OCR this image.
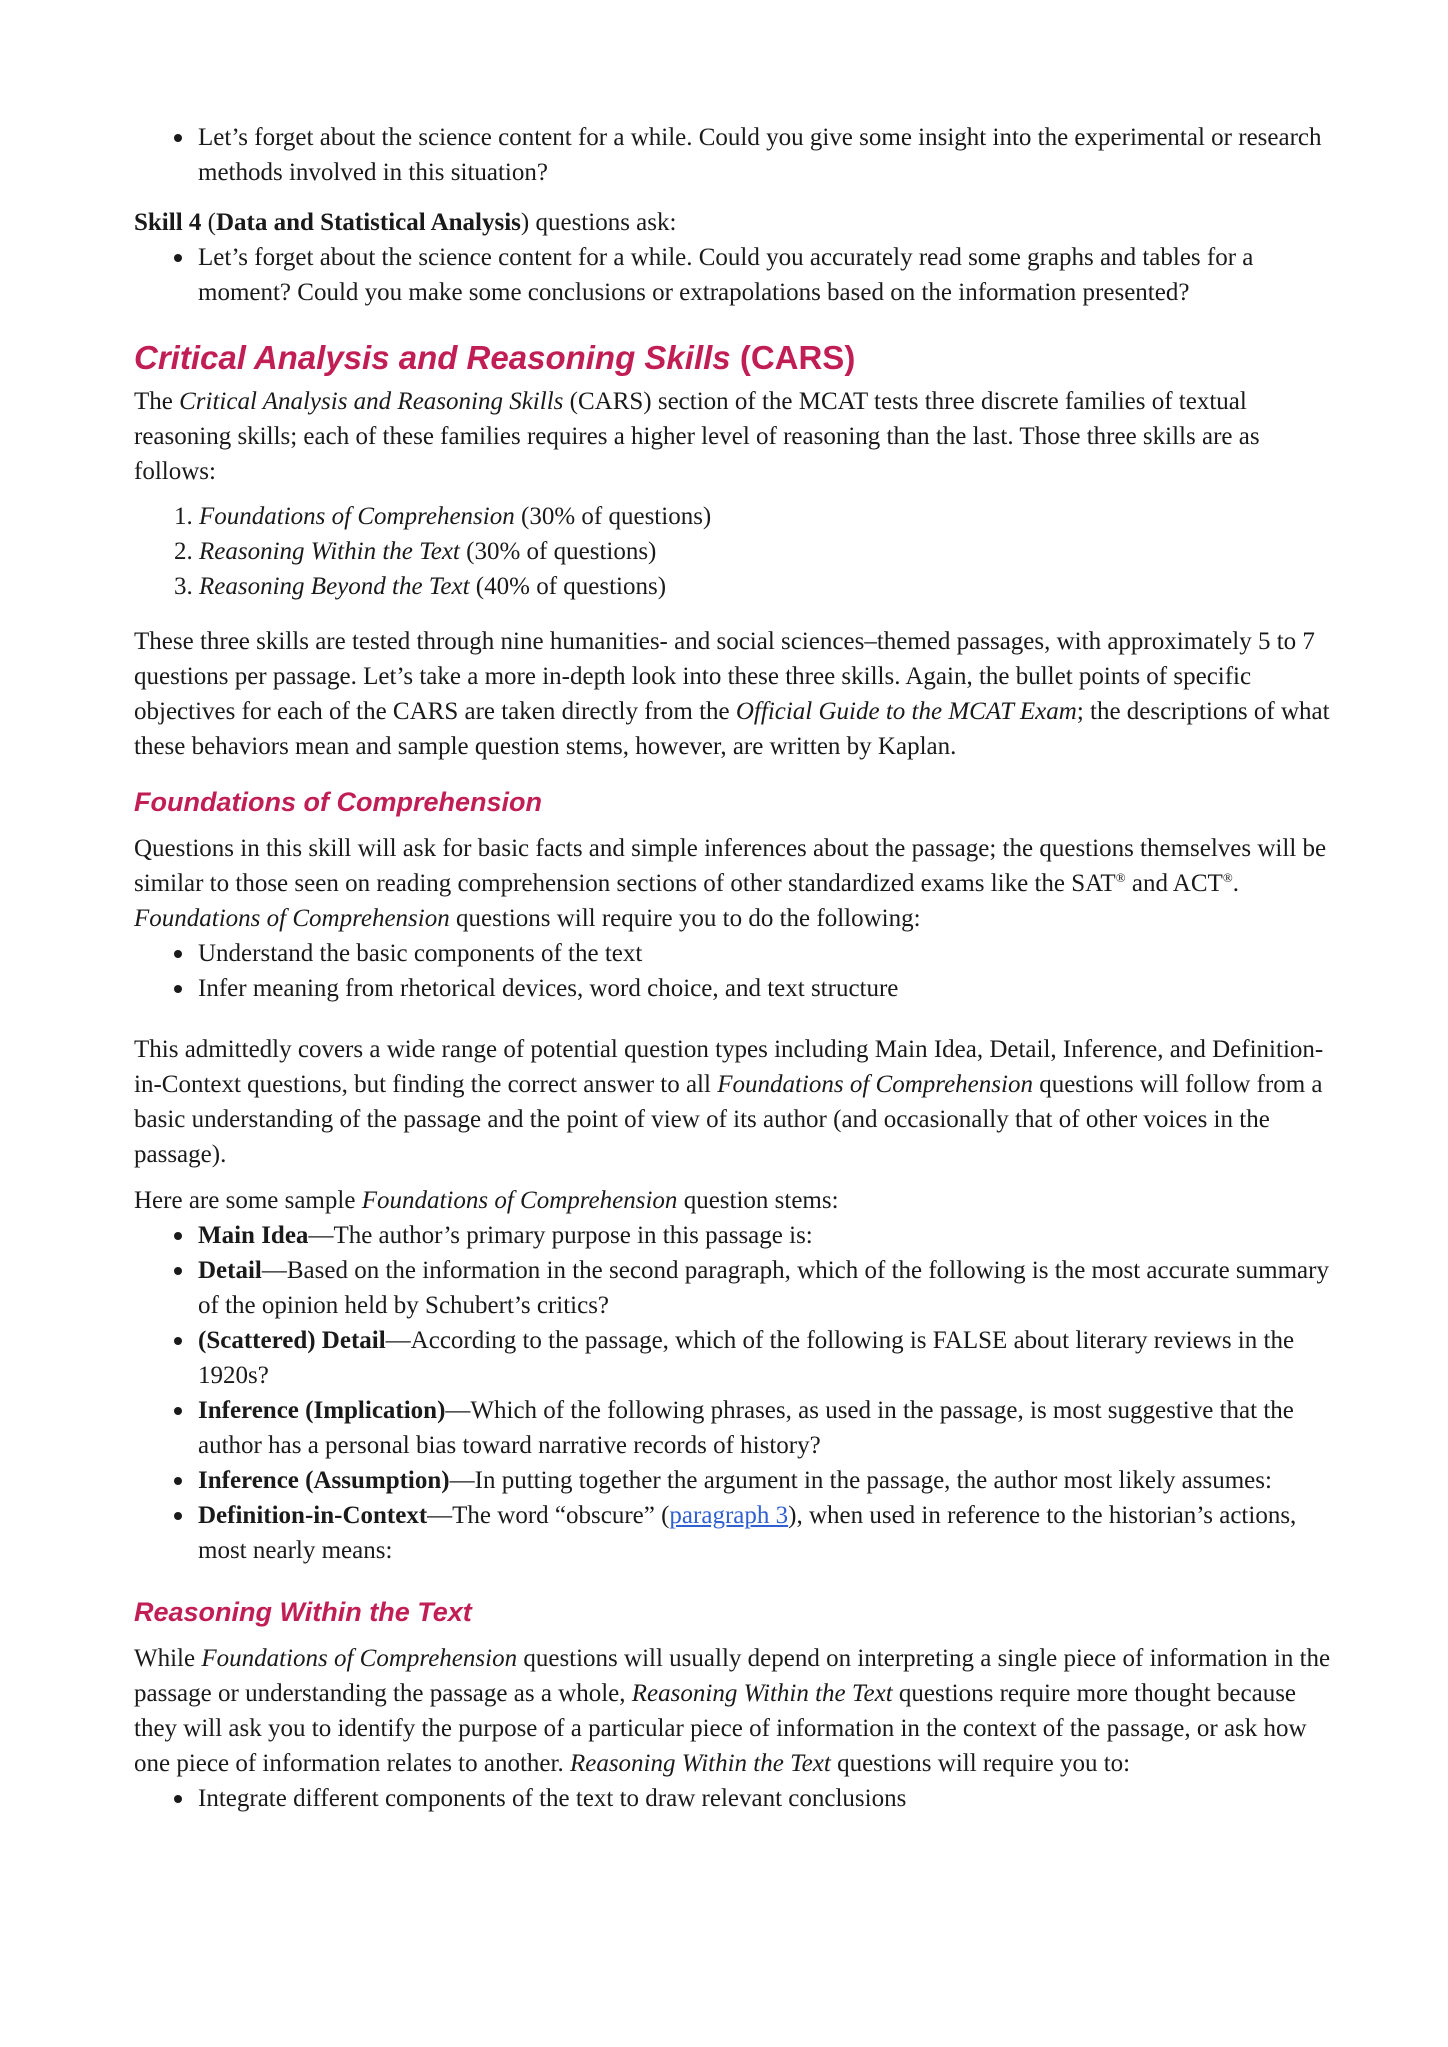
Let’s forget about the science content for a while. Could you give some insight into the experimental or research methods involved in this situation?

Skill 4 (Data and Statistical Analysis) questions ask:

Let’s forget about the science content for a while. Could you accurately read some graphs and tables for a moment? Could you make some conclusions or extrapolations based on the information presented?
Critical Analysis and Reasoning Skills (CARS)

The Critical Analysis and Reasoning Skills (CARS) section of the MCAT tests three discrete families of textual reasoning skills; each of these families requires a higher level of reasoning than the last. Those three skills are as follows:

1. Foundations of Comprehension (30% of questions)
2. Reasoning Within the Text (30% of questions)
3. Reasoning Beyond the Text (40% of questions)

These three skills are tested through nine humanities- and social sciences–themed passages, with approximately 5 to 7 questions per passage. Let’s take a more in-depth look into these three skills. Again, the bullet points of specific objectives for each of the CARS are taken directly from the Official Guide to the MCAT Exam; the descriptions of what these behaviors mean and sample question stems, however, are written by Kaplan.

Foundations of Comprehension

Questions in this skill will ask for basic facts and simple inferences about the passage; the questions themselves will be similar to those seen on reading comprehension sections of other standardized exams like the SAT® and ACT®.
Foundations of Comprehension questions will require you to do the following:

Understand the basic components of the text
Infer meaning from rhetorical devices, word choice, and text structure

This admittedly covers a wide range of potential question types including Main Idea, Detail, Inference, and Definition-in-Context questions, but finding the correct answer to all Foundations of Comprehension questions will follow from a basic understanding of the passage and the point of view of its author (and occasionally that of other voices in the passage).

Here are some sample Foundations of Comprehension question stems:

Main Idea—The author’s primary purpose in this passage is:
Detail—Based on the information in the second paragraph, which of the following is the most accurate summary of the opinion held by Schubert’s critics?
(Scattered) Detail—According to the passage, which of the following is FALSE about literary reviews in the 1920s?
Inference (Implication)—Which of the following phrases, as used in the passage, is most suggestive that the author has a personal bias toward narrative records of history?
Inference (Assumption)—In putting together the argument in the passage, the author most likely assumes:
Definition-in-Context—The word “obscure” (paragraph 3), when used in reference to the historian’s actions, most nearly means:
Reasoning Within the Text

While Foundations of Comprehension questions will usually depend on interpreting a single piece of information in the passage or understanding the passage as a whole, Reasoning Within the Text questions require more thought because they will ask you to identify the purpose of a particular piece of information in the context of the passage, or ask how one piece of information relates to another. Reasoning Within the Text questions will require you to:

Integrate different components of the text to draw relevant conclusions
